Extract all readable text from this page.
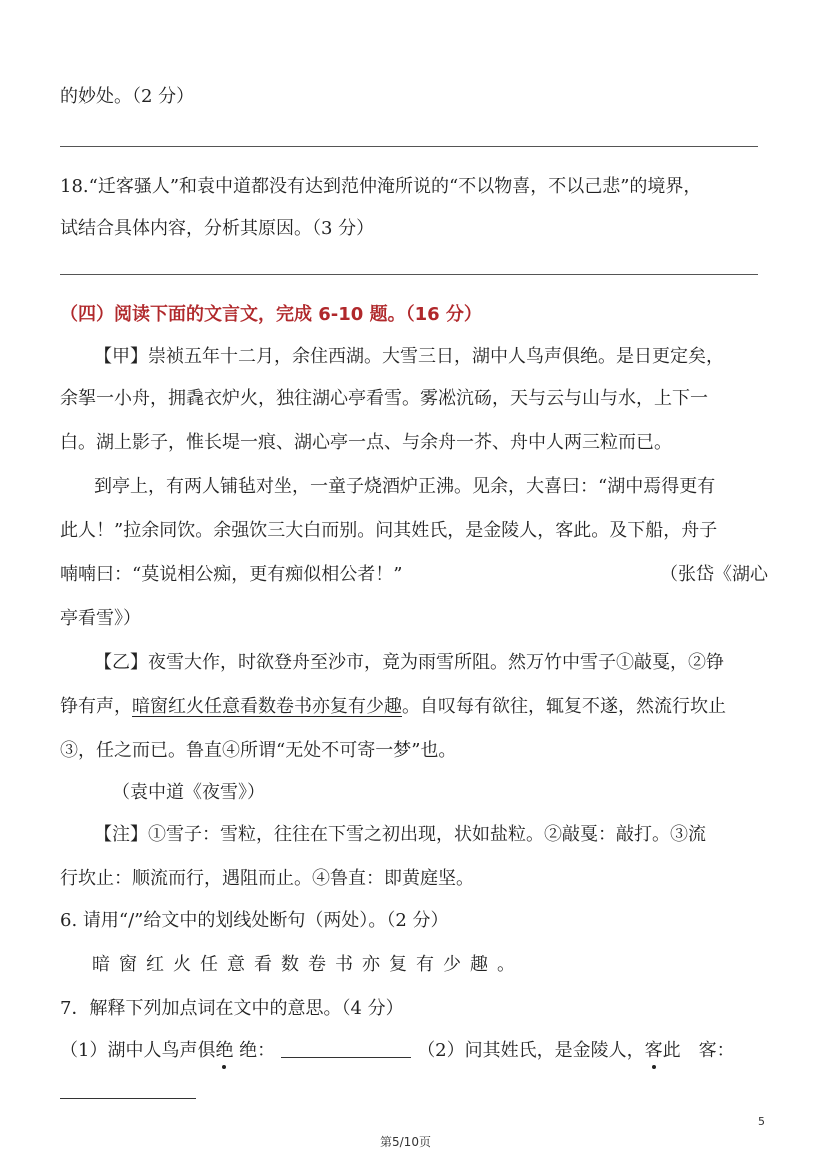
的妙处。（2 分）
18.“迁客骚人”和袁中道都没有达到范仲淹所说的“不以物喜，不以己悲”的境界，
试结合具体内容，分析其原因。（3 分）
（四）阅读下面的文言文，完成 6-10 题。（16 分）
【甲】崇祯五年十二月，余住西湖。大雪三日，湖中人鸟声俱绝。是日更定矣，
余挐一小舟，拥毳衣炉火，独往湖心亭看雪。雾凇沆砀，天与云与山与水，上下一
白。湖上影子，惟长堤一痕、湖心亭一点、与余舟一芥、舟中人两三粒而已。
到亭上，有两人铺毡对坐，一童子烧酒炉正沸。见余，大喜曰：“湖中焉得更有
此人！”拉余同饮。余强饮三大白而别。问其姓氏，是金陵人，客此。及下船，舟子
喃喃曰：“莫说相公痴，更有痴似相公者！”	（张岱《湖心
亭看雪》）
【乙】夜雪大作，时欲登舟至沙市，竟为雨雪所阻。然万竹中雪子①敲戛，②铮
铮有声，暗窗红火任意看数卷书亦复有少趣。自叹每有欲往，辄复不遂，然流行坎止
③，任之而已。鲁直④所谓“无处不可寄一梦”也。
（袁中道《夜雪》）
【注】①雪子：雪粒，往往在下雪之初出现，状如盐粒。②敲戛：敲打。③流
行坎止：顺流而行，遇阻而止。④鲁直：即黄庭坚。
6. 请用“/”给文中的划线处断句（两处）。（2 分）
暗窗红火任意看数卷书亦复有少趣。
7．解释下列加点词在文中的意思。（4 分）
（1）湖中人鸟声俱绝 绝：	（2）问其姓氏，是金陵人，客此　客：
5
第5/10页
